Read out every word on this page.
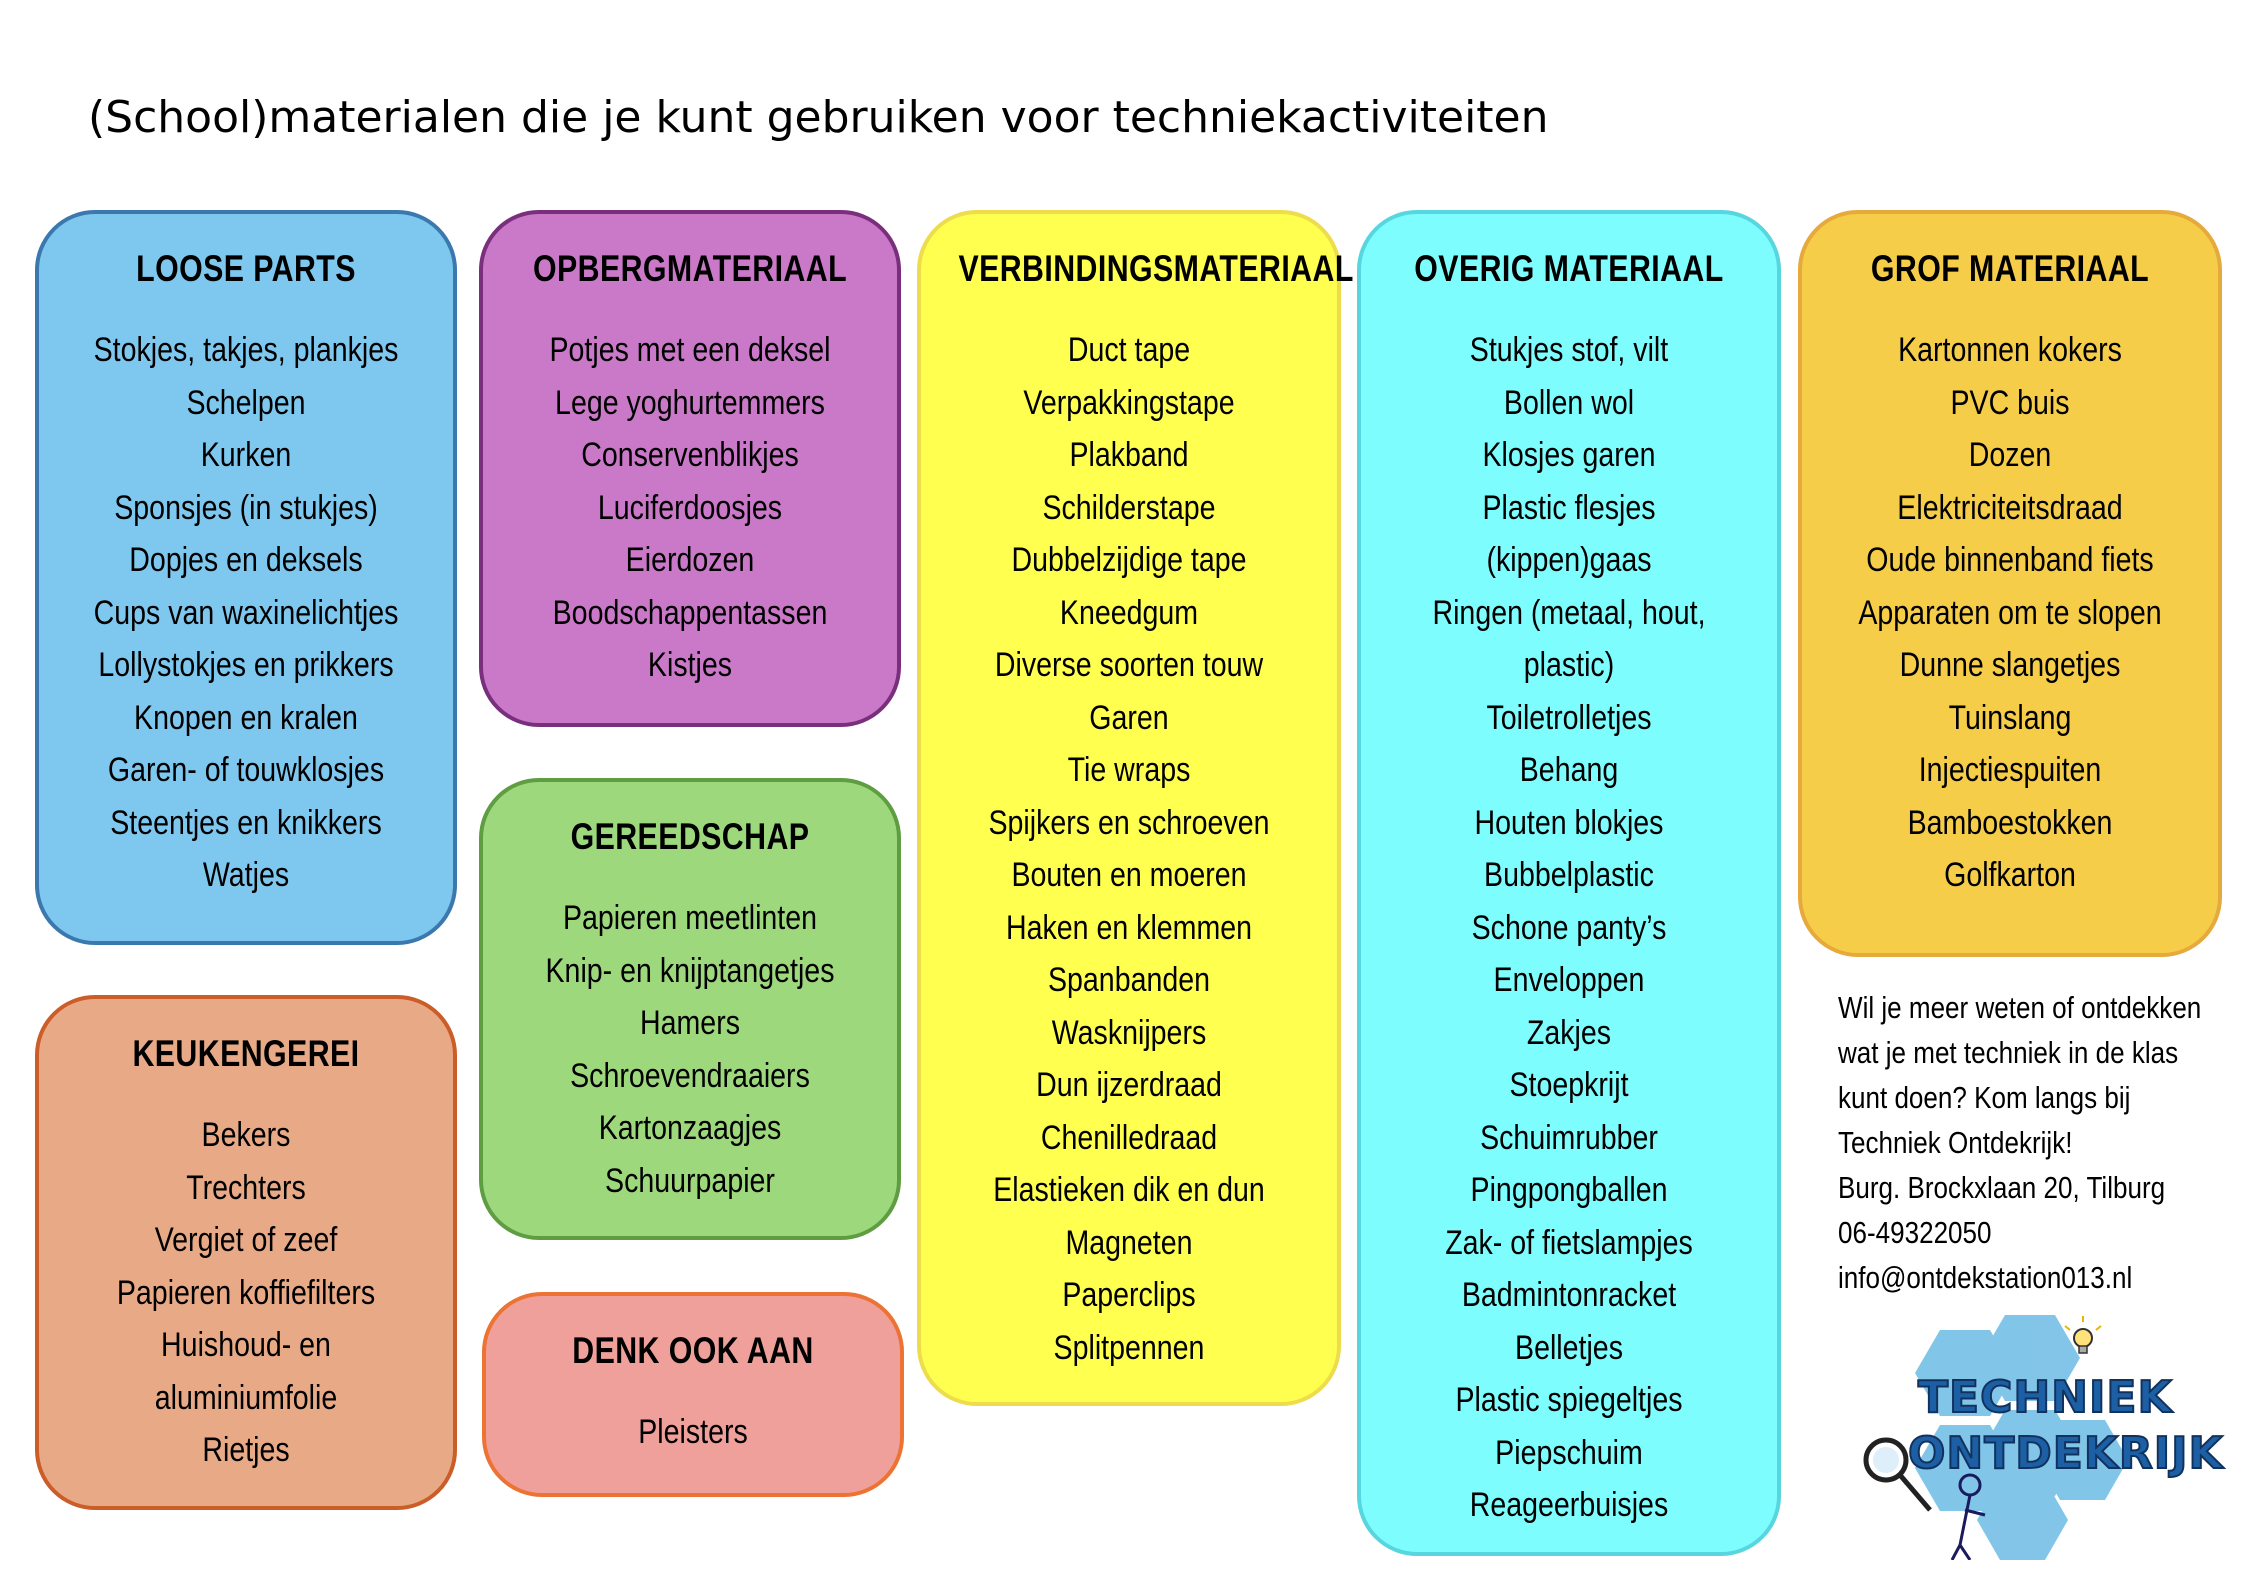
(School)materialen die je kunt gebruiken voor techniekactiviteiten
LOOSE PARTS
Stokjes, takjes, plankjes
Schelpen
Kurken
Sponsjes (in stukjes)
Dopjes en deksels
Cups van waxinelichtjes
Lollystokjes en prikkers
Knopen en kralen
Garen- of touwklosjes
Steentjes en knikkers
Watjes
OPBERGMATERIAAL
Potjes met een deksel
Lege yoghurtemmers
Conservenblikjes
Luciferdoosjes
Eierdozen
Boodschappentassen
Kistjes
VERBINDINGSMATERIAAL
Duct tape
Verpakkingstape
Plakband
Schilderstape
Dubbelzijdige tape
Kneedgum
Diverse soorten touw
Garen
Tie wraps
Spijkers en schroeven
Bouten en moeren
Haken en klemmen
Spanbanden
Wasknijpers
Dun ijzerdraad
Chenilledraad
Elastieken dik en dun
Magneten
Paperclips
Splitpennen
OVERIG MATERIAAL
Stukjes stof, vilt
Bollen wol
Klosjes garen
Plastic flesjes
(kippen)gaas
Ringen (metaal, hout,
plastic)
Toiletrolletjes
Behang
Houten blokjes
Bubbelplastic
Schone panty’s
Enveloppen
Zakjes
Stoepkrijt
Schuimrubber
Pingpongballen
Zak- of fietslampjes
Badmintonracket
Belletjes
Plastic spiegeltjes
Piepschuim
Reageerbuisjes
GROF MATERIAAL
Kartonnen kokers
PVC buis
Dozen
Elektriciteitsdraad
Oude binnenband fiets
Apparaten om te slopen
Dunne slangetjes
Tuinslang
Injectiespuiten
Bamboestokken
Golfkarton
KEUKENGEREI
Bekers
Trechters
Vergiet of zeef
Papieren koffiefilters
Huishoud- en
aluminiumfolie
Rietjes
GEREEDSCHAP
Papieren meetlinten
Knip- en knijptangetjes
Hamers
Schroevendraaiers
Kartonzaagjes
Schuurpapier
DENK OOK AAN
Pleisters
Wil je meer weten of ontdekken
wat je met techniek in de klas
kunt doen? Kom langs bij
Techniek Ontdekrijk!
Burg. Brockxlaan 20, Tilburg
06-49322050
info@ontdekstation013.nl
TECHNIEK
ONTDEKRIJK
